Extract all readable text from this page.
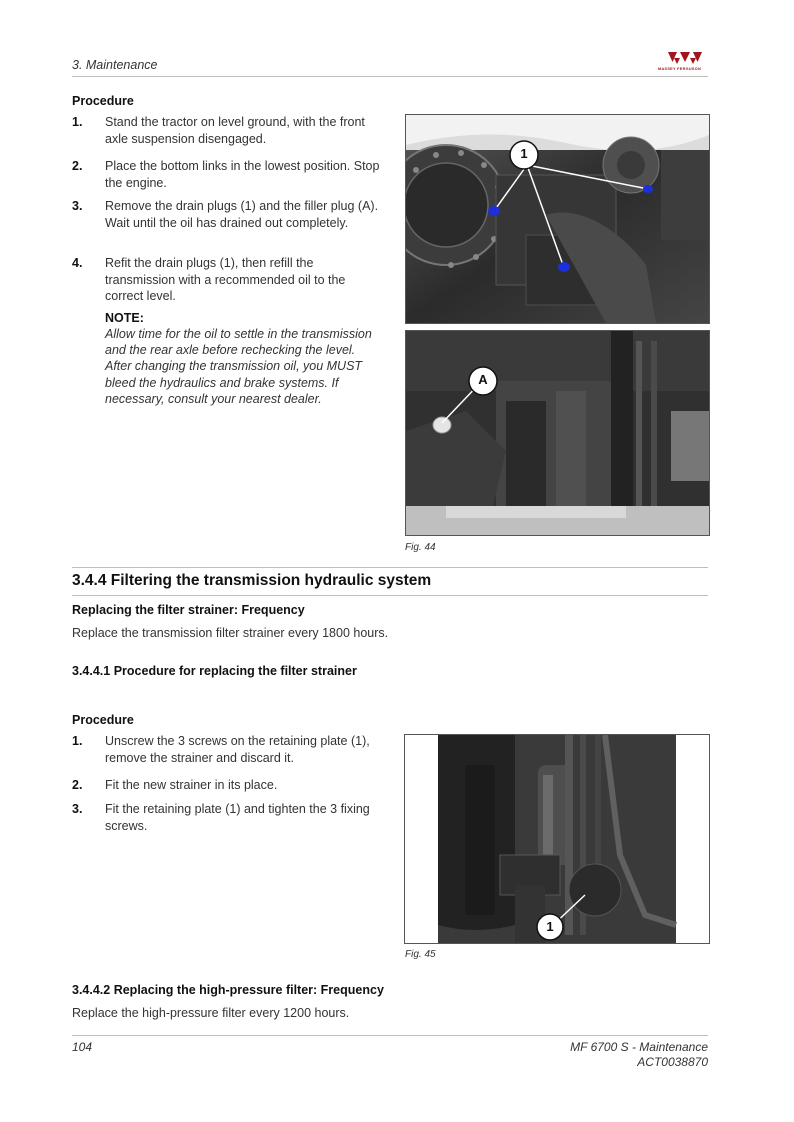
3. Maintenance	MASSEY FERGUSON
Procedure
1. Stand the tractor on level ground, with the front axle suspension disengaged.
2. Place the bottom links in the lowest position. Stop the engine.
3. Remove the drain plugs (1) and the filler plug (A). Wait until the oil has drained out completely.
4. Refit the drain plugs (1), then refill the transmission with a recommended oil to the correct level.
NOTE:
Allow time for the oil to settle in the transmission and the rear axle before rechecking the level. After changing the transmission oil, you MUST bleed the hydraulics and brake systems. If necessary, consult your nearest dealer.
1
A
Fig. 44
3.4.4 Filtering the transmission hydraulic system
Replacing the filter strainer: Frequency
Replace the transmission filter strainer every 1800 hours.
3.4.4.1 Procedure for replacing the filter strainer
Procedure
1. Unscrew the 3 screws on the retaining plate (1), remove the strainer and discard it.
2. Fit the new strainer in its place.
3. Fit the retaining plate (1) and tighten the 3 fixing screws.
1
Fig. 45
3.4.4.2 Replacing the high-pressure filter: Frequency
Replace the high-pressure filter every 1200 hours.
104	MF 6700 S - Maintenance
ACT0038870
